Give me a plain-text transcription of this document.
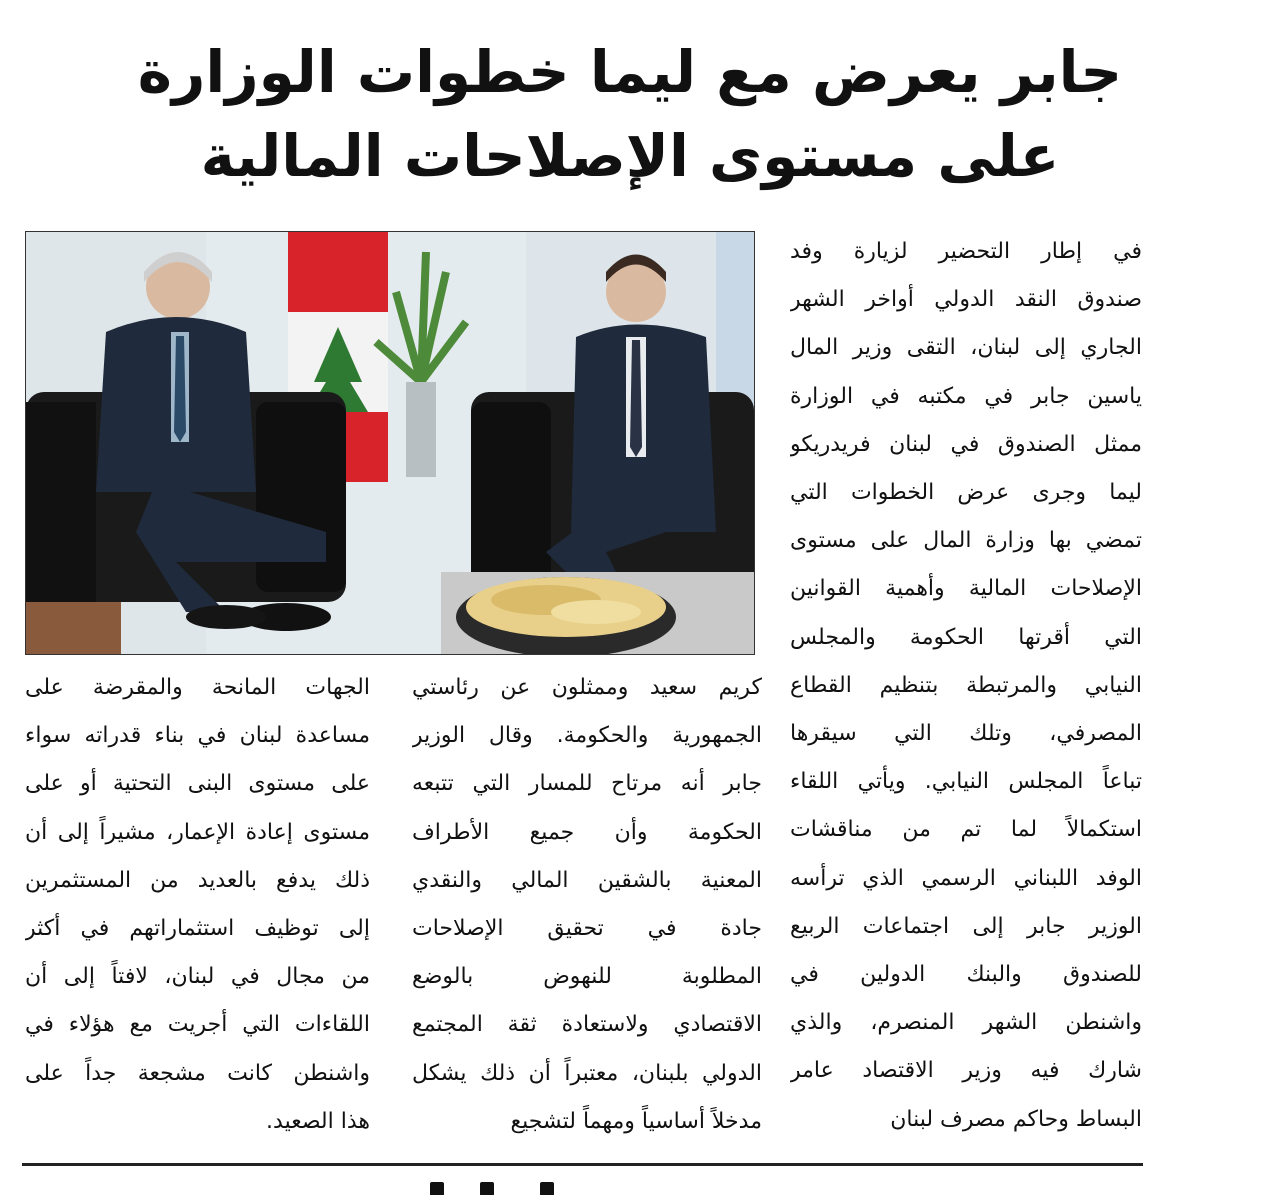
جابر يعرض مع ليما خطوات الوزارة
على مستوى الإصلاحات المالية
في إطار التحضير لزيارة وفد
صندوق النقد الدولي أواخر الشهر
الجاري إلى لبنان، التقى وزير المال
ياسين جابر في مكتبه في الوزارة
ممثل الصندوق في لبنان فريدريكو
ليما وجرى عرض الخطوات التي
تمضي بها وزارة المال على مستوى
الإصلاحات المالية وأهمية القوانين
التي أقرتها الحكومة والمجلس
النيابي والمرتبطة بتنظيم القطاع
المصرفي، وتلك التي سيقرها
تباعاً المجلس النيابي. ويأتي اللقاء
استكمالاً لما تم من مناقشات
الوفد اللبناني الرسمي الذي ترأسه
الوزير جابر إلى اجتماعات الربيع
للصندوق والبنك الدولين في
واشنطن الشهر المنصرم، والذي
شارك فيه وزير الاقتصاد عامر
البساط وحاكم مصرف لبنان
كريم سعيد وممثلون عن رئاستي
الجمهورية والحكومة. وقال الوزير
جابر أنه مرتاح للمسار التي تتبعه
الحكومة وأن جميع الأطراف
المعنية بالشقين المالي والنقدي
جادة في تحقيق الإصلاحات
المطلوبة للنهوض بالوضع
الاقتصادي ولاستعادة ثقة المجتمع
الدولي بلبنان، معتبراً أن ذلك يشكل
مدخلاً أساسياً ومهماً لتشجيع
الجهات المانحة والمقرضة على
مساعدة لبنان في بناء قدراته سواء
على مستوى البنى التحتية أو على
مستوى إعادة الإعمار، مشيراً إلى أن
ذلك يدفع بالعديد من المستثمرين
إلى توظيف استثماراتهم في أكثر
من مجال في لبنان، لافتاً إلى أن
اللقاءات التي أجريت مع هؤلاء في
واشنطن كانت مشجعة جداً على
هذا الصعيد.
